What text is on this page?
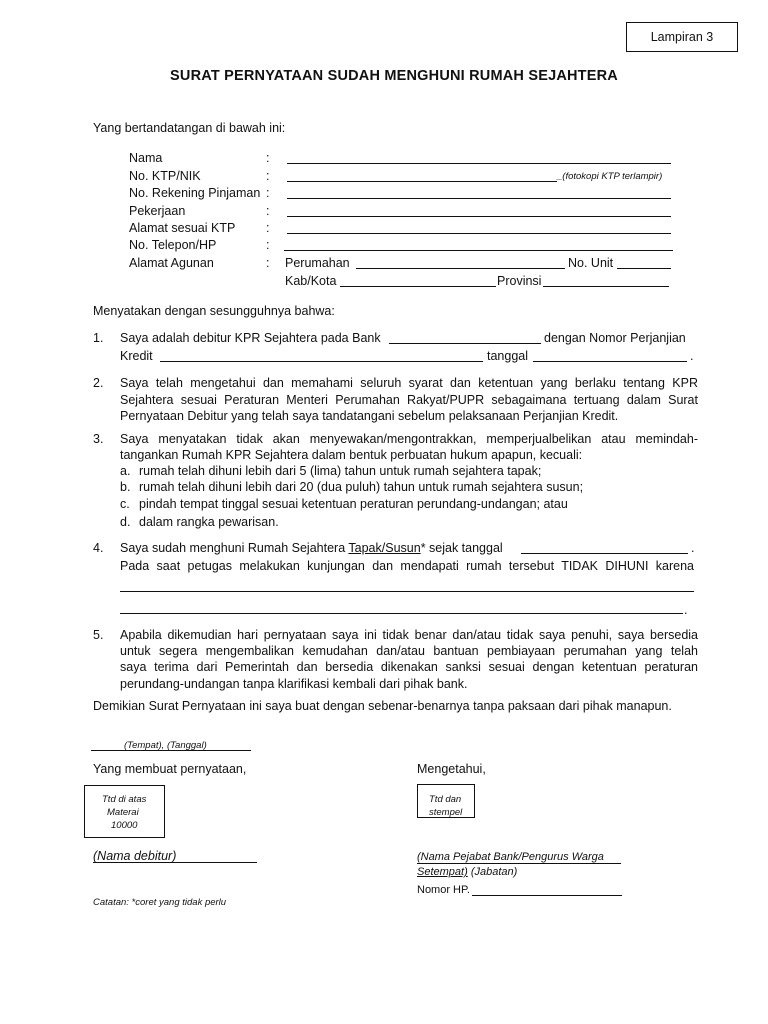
Lampiran 3
SURAT PERNYATAAN SUDAH MENGHUNI RUMAH SEJAHTERA
Yang bertandatangan di bawah ini:
Nama	:
No. KTP/NIK	:	_(fotokopi KTP terlampir)
No. Rekening Pinjaman :
Pekerjaan	:
Alamat sesuai KTP :
No. Telepon/HP	:
Alamat Agunan	: Perumahan	No. Unit
Kab/Kota	Provinsi
Menyatakan dengan sesungguhnya bahwa:
1. Saya adalah debitur KPR Sejahtera pada Bank	dengan Nomor Perjanjian
Kredit	tanggal	.
2. Saya telah mengetahui dan memahami seluruh syarat dan ketentuan yang berlaku tentang KPR
Sejahtera sesuai Peraturan Menteri Perumahan Rakyat/PUPR sebagaimana tertuang dalam Surat
Pernyataan Debitur yang telah saya tandatangani sebelum pelaksanaan Perjanjian Kredit.
3. Saya menyatakan tidak akan menyewakan/mengontrakkan, memperjualbelikan atau memindah-
tangankan Rumah KPR Sejahtera dalam bentuk perbuatan hukum apapun, kecuali:
a. rumah telah dihuni lebih dari 5 (lima) tahun untuk rumah sejahtera tapak;
b. rumah telah dihuni lebih dari 20 (dua puluh) tahun untuk rumah sejahtera susun;
c. pindah tempat tinggal sesuai ketentuan peraturan perundang-undangan; atau
d. dalam rangka pewarisan.
4. Saya sudah menghuni Rumah Sejahtera Tapak/Susun* sejak tanggal	.
Pada saat petugas melakukan kunjungan dan mendapati rumah tersebut TIDAK DIHUNI karena
.
5. Apabila dikemudian hari pernyataan saya ini tidak benar dan/atau tidak saya penuhi, saya bersedia
untuk segera mengembalikan kemudahan dan/atau bantuan pembiayaan perumahan yang telah
saya terima dari Pemerintah dan bersedia dikenakan sanksi sesuai dengan ketentuan peraturan
perundang-undangan tanpa klarifikasi kembali dari pihak bank.
Demikian Surat Pernyataan ini saya buat dengan sebenar-benarnya tanpa paksaan dari pihak manapun.
(Tempat), (Tanggal)
Yang membuat pernyataan,	Mengetahui,
Ttd di atas
Materai
10000
Ttd dan
stempel
(Nama debitur)	(Nama Pejabat Bank/Pengurus Warga
Setempat) (Jabatan)
Nomor HP.
Catatan: *coret yang tidak perlu
